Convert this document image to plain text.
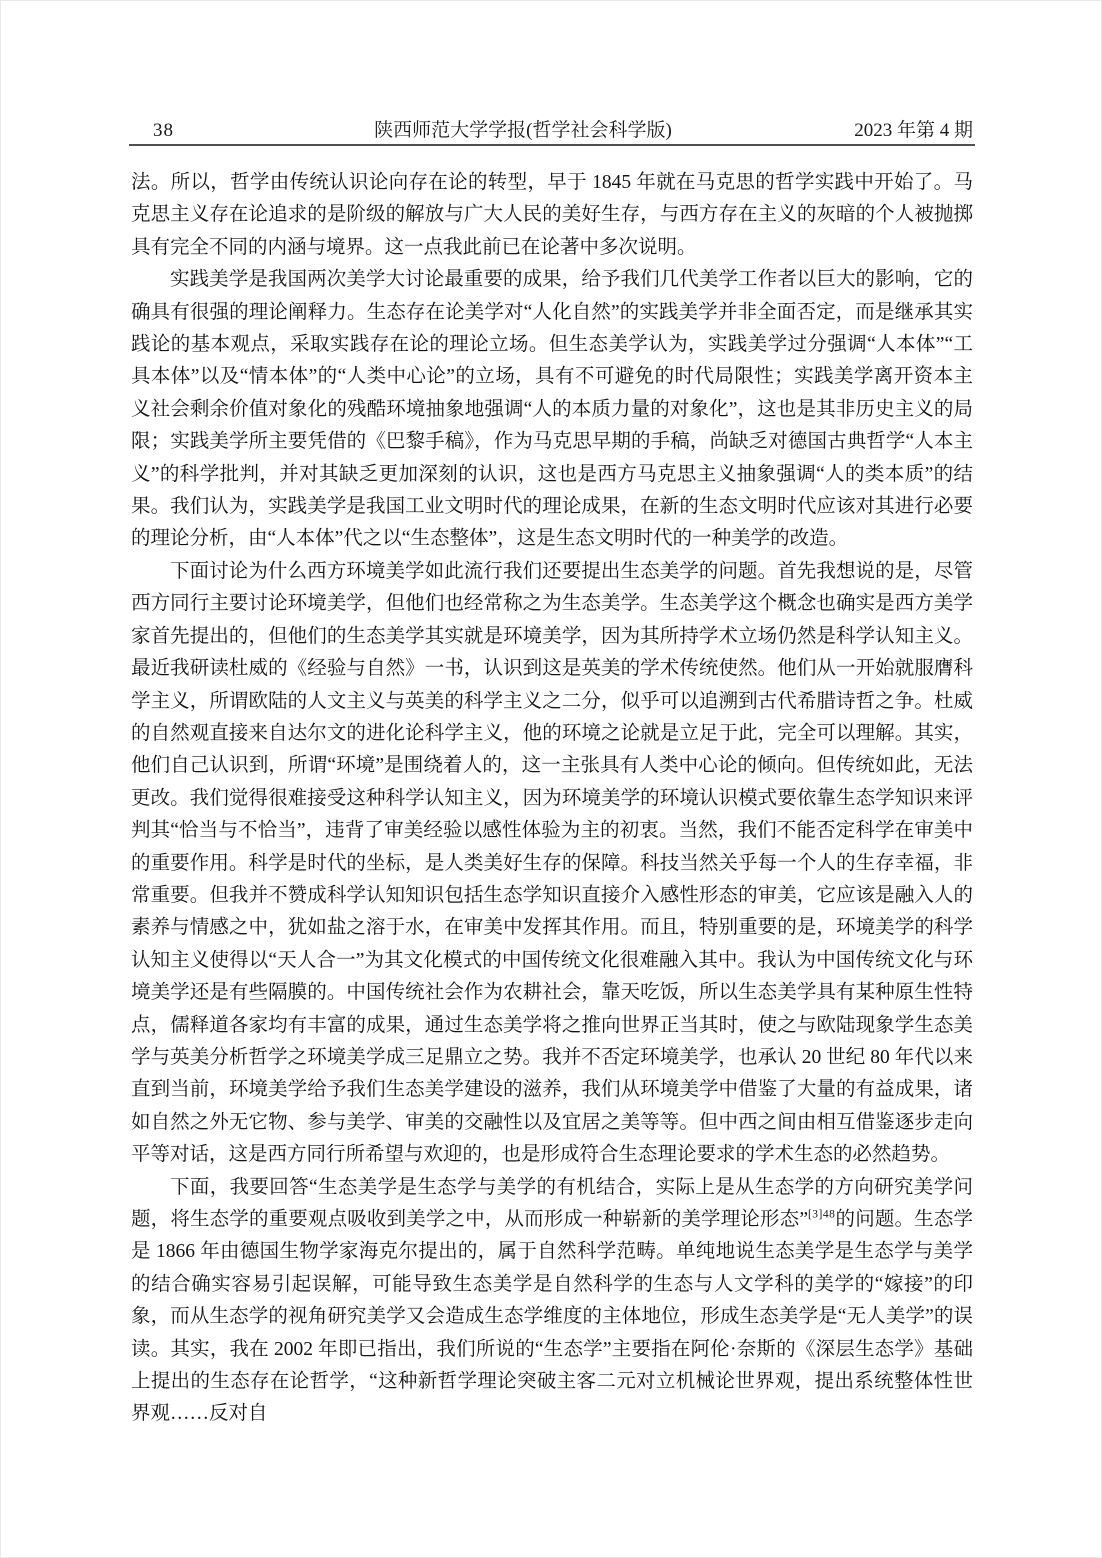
38	陕西师范大学学报(哲学社会科学版)	2023 年第 4 期

法。所以，哲学由传统认识论向存在论的转型，早于 1845 年就在马克思的哲学实践中开始了。马克思主义存在论追求的是阶级的解放与广大人民的美好生存，与西方存在主义的灰暗的个人被抛掷具有完全不同的内涵与境界。这一点我此前已在论著中多次说明。

实践美学是我国两次美学大讨论最重要的成果，给予我们几代美学工作者以巨大的影响，它的确具有很强的理论阐释力。生态存在论美学对“人化自然”的实践美学并非全面否定，而是继承其实践论的基本观点，采取实践存在论的理论立场。但生态美学认为，实践美学过分强调“人本体”“工具本体”以及“情本体”的“人类中心论”的立场，具有不可避免的时代局限性；实践美学离开资本主义社会剩余价值对象化的残酷环境抽象地强调“人的本质力量的对象化”，这也是其非历史主义的局限；实践美学所主要凭借的《巴黎手稿》，作为马克思早期的手稿，尚缺乏对德国古典哲学“人本主义”的科学批判，并对其缺乏更加深刻的认识，这也是西方马克思主义抽象强调“人的类本质”的结果。我们认为，实践美学是我国工业文明时代的理论成果，在新的生态文明时代应该对其进行必要的理论分析，由“人本体”代之以“生态整体”，这是生态文明时代的一种美学的改造。

下面讨论为什么西方环境美学如此流行我们还要提出生态美学的问题。首先我想说的是，尽管西方同行主要讨论环境美学，但他们也经常称之为生态美学。生态美学这个概念也确实是西方美学家首先提出的，但他们的生态美学其实就是环境美学，因为其所持学术立场仍然是科学认知主义。最近我研读杜威的《经验与自然》一书，认识到这是英美的学术传统使然。他们从一开始就服膺科学主义，所谓欧陆的人文主义与英美的科学主义之二分，似乎可以追溯到古代希腊诗哲之争。杜威的自然观直接来自达尔文的进化论科学主义，他的环境之论就是立足于此，完全可以理解。其实，他们自己认识到，所谓“环境”是围绕着人的，这一主张具有人类中心论的倾向。但传统如此，无法更改。我们觉得很难接受这种科学认知主义，因为环境美学的环境认识模式要依靠生态学知识来评判其“恰当与不恰当”，违背了审美经验以感性体验为主的初衷。当然，我们不能否定科学在审美中的重要作用。科学是时代的坐标，是人类美好生存的保障。科技当然关乎每一个人的生存幸福，非常重要。但我并不赞成科学认知知识包括生态学知识直接介入感性形态的审美，它应该是融入人的素养与情感之中，犹如盐之溶于水，在审美中发挥其作用。而且，特别重要的是，环境美学的科学认知主义使得以“天人合一”为其文化模式的中国传统文化很难融入其中。我认为中国传统文化与环境美学还是有些隔膜的。中国传统社会作为农耕社会，靠天吃饭，所以生态美学具有某种原生性特点，儒释道各家均有丰富的成果，通过生态美学将之推向世界正当其时，使之与欧陆现象学生态美学与英美分析哲学之环境美学成三足鼎立之势。我并不否定环境美学，也承认 20 世纪 80 年代以来直到当前，环境美学给予我们生态美学建设的滋养，我们从环境美学中借鉴了大量的有益成果，诸如自然之外无它物、参与美学、审美的交融性以及宜居之美等等。但中西之间由相互借鉴逐步走向平等对话，这是西方同行所希望与欢迎的，也是形成符合生态理论要求的学术生态的必然趋势。

下面，我要回答“生态美学是生态学与美学的有机结合，实际上是从生态学的方向研究美学问题，将生态学的重要观点吸收到美学之中，从而形成一种崭新的美学理论形态”$^{[3]48}$的问题。生态学是 1866 年由德国生物学家海克尔提出的，属于自然科学范畴。单纯地说生态美学是生态学与美学的结合确实容易引起误解，可能导致生态美学是自然科学的生态与人文学科的美学的“嫁接”的印象，而从生态学的视角研究美学又会造成生态学维度的主体地位，形成生态美学是“无人美学”的误读。其实，我在 2002 年即已指出，我们所说的“生态学”主要指在阿伦·奈斯的《深层生态学》基础上提出的生态存在论哲学，“这种新哲学理论突破主客二元对立机械论世界观，提出系统整体性世界观……反对自
